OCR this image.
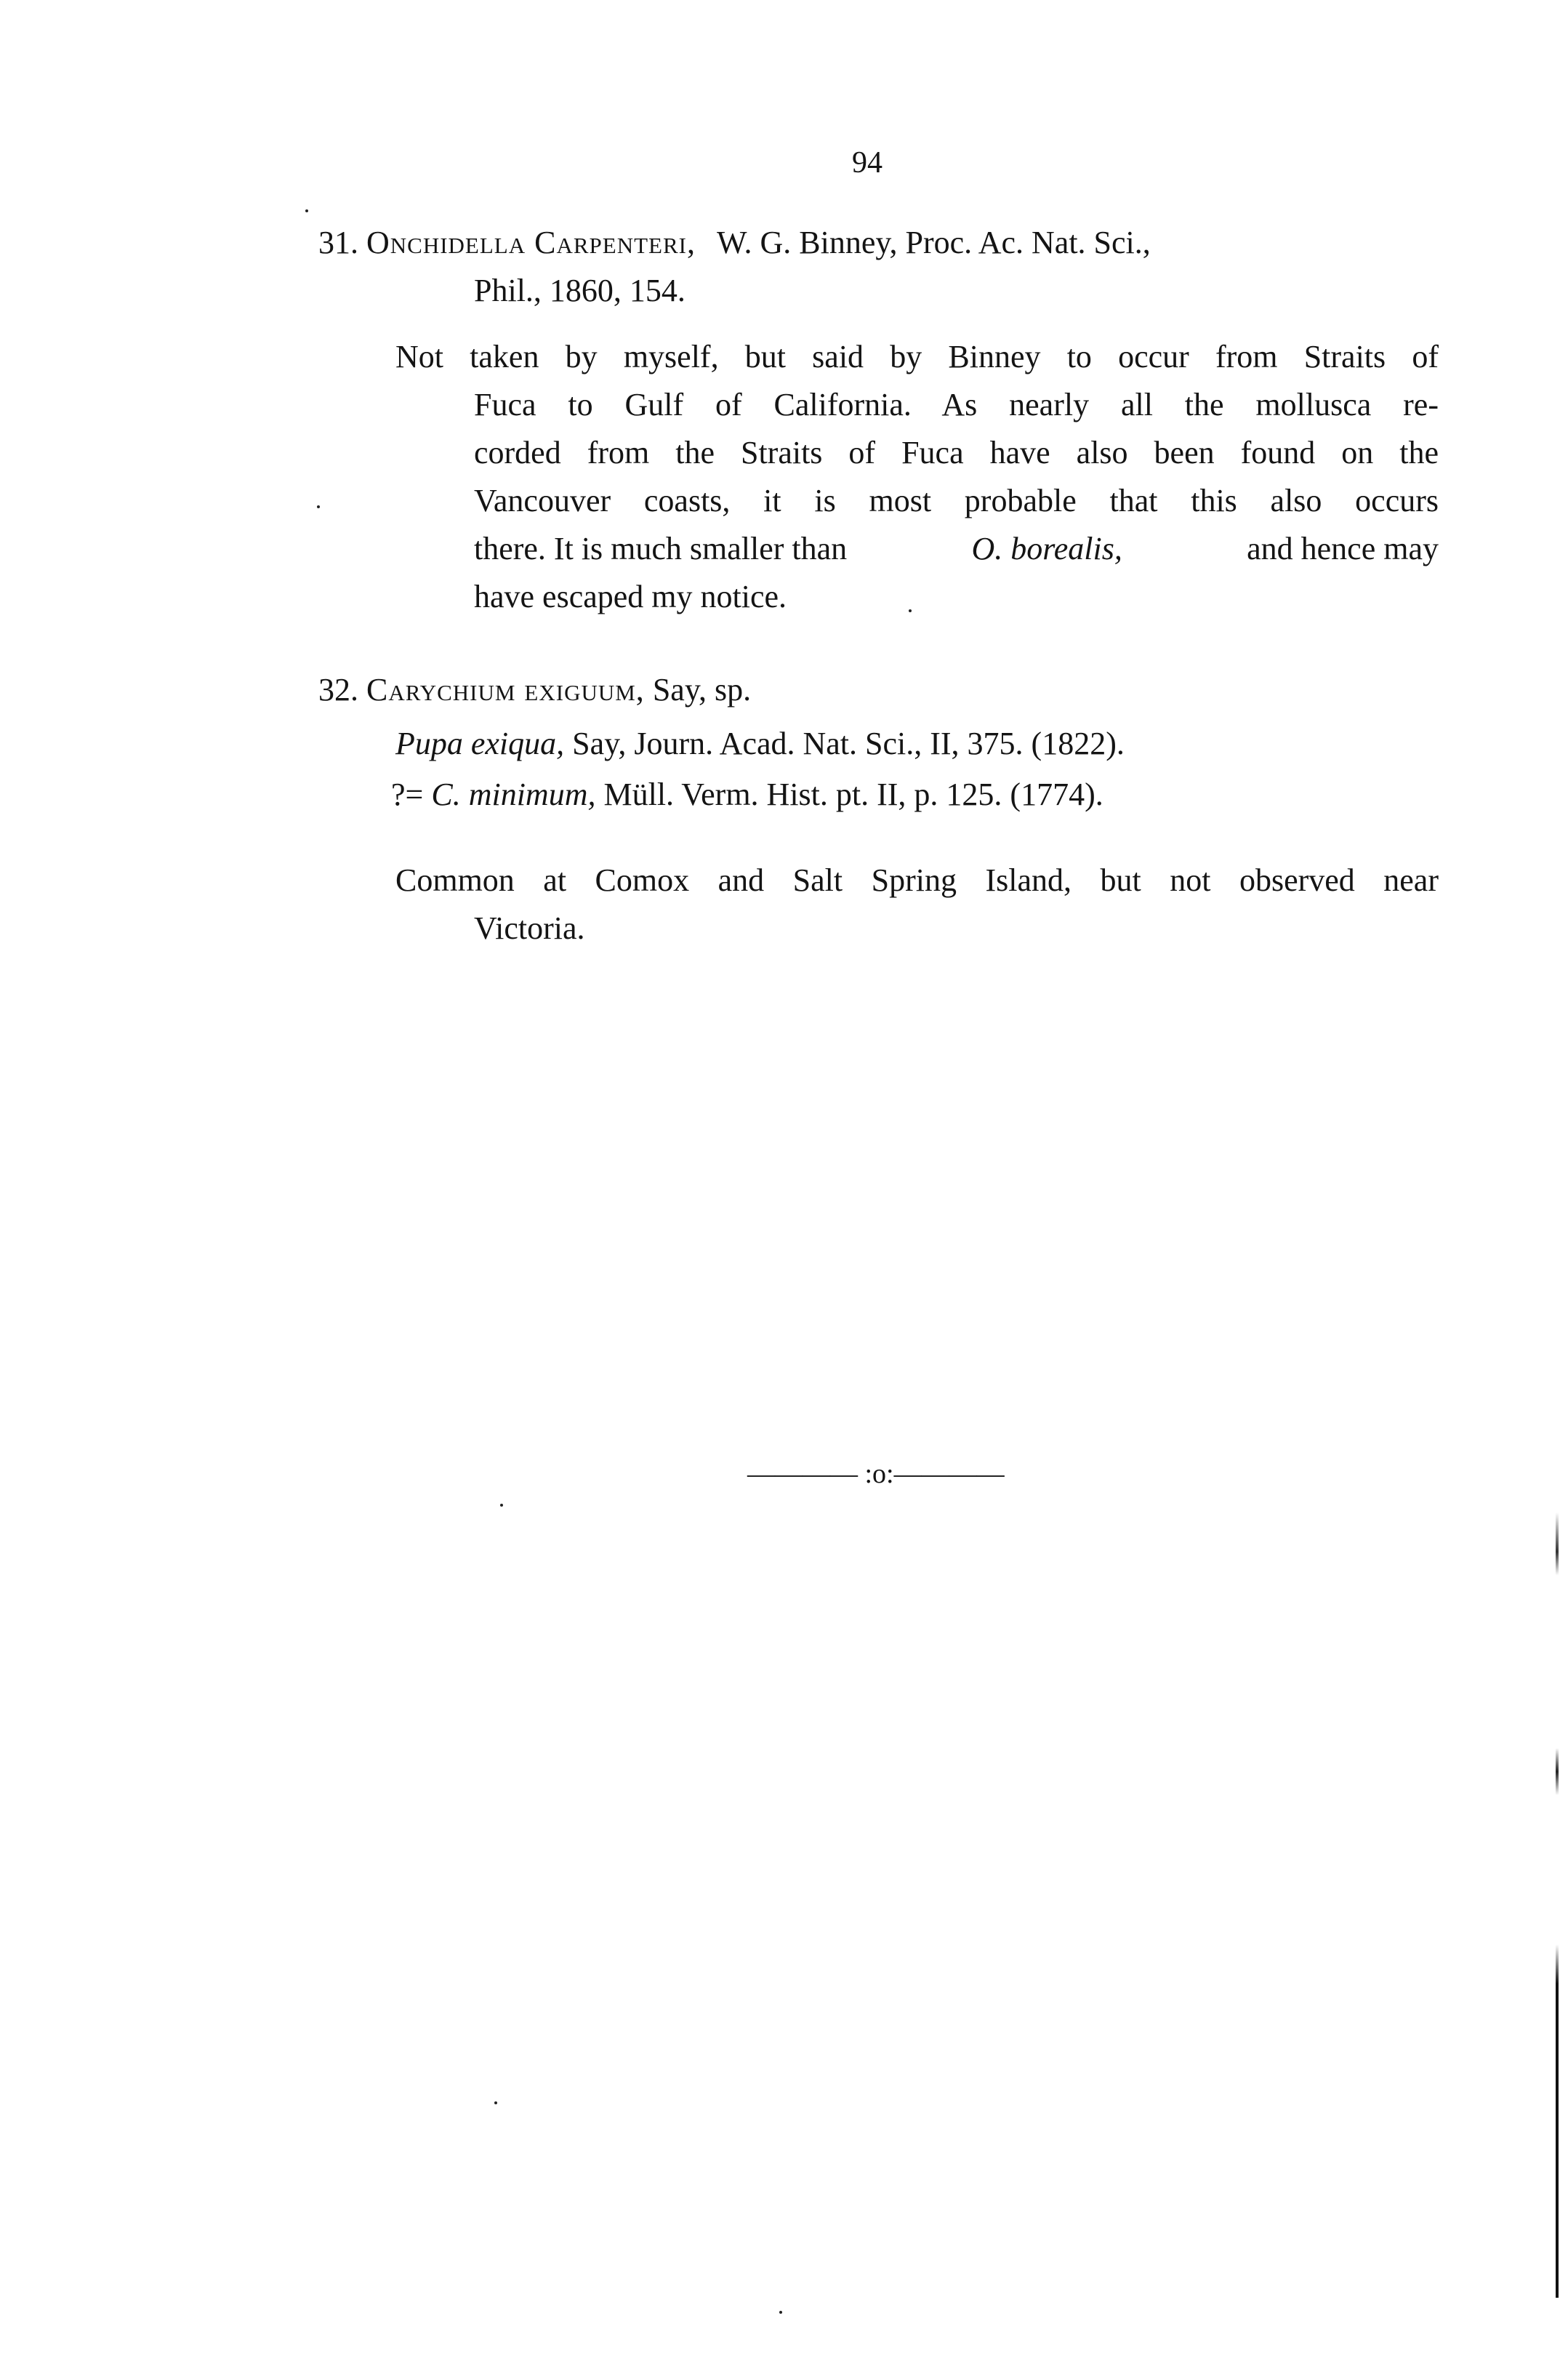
94
31. Onchidella Carpenteri, W. G. Binney, Proc. Ac. Nat. Sci.,
Phil., 1860, 154.
Not taken by myself, but said by Binney to occur from Straits of
Fuca to Gulf of California. As nearly all the mollusca re-
corded from the Straits of Fuca have also been found on the
Vancouver coasts, it is most probable that this also occurs
there. It is much smaller than	O. borealis,	and hence may
have escaped my notice.
32. Carychium exiguum, Say, sp.
Pupa exiqua, Say, Journ. Acad. Nat. Sci., II, 375. (1822).
?= C. minimum, Müll. Verm. Hist. pt. II, p. 125. (1774).
Common at Comox and Salt Spring Island, but not observed near
Victoria.
———— :o:————
